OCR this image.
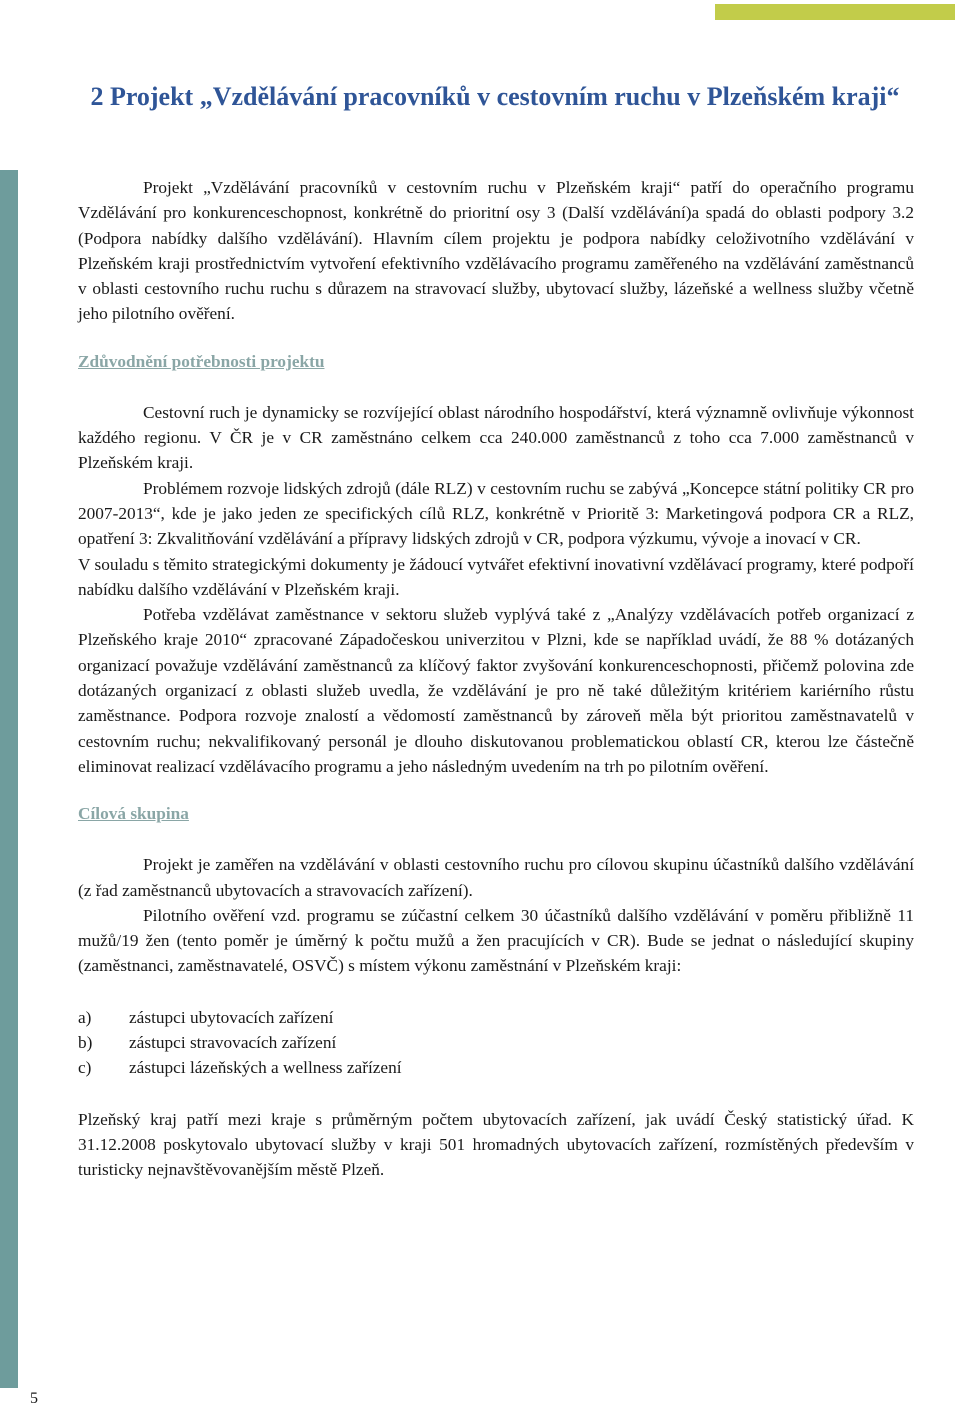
2 Projekt „Vzdělávání pracovníků v cestovním ruchu v Plzeňském kraji“

Projekt „Vzdělávání pracovníků v cestovním ruchu v Plzeňském kraji“ patří do operačního programu Vzdělávání pro konkurenceschopnost, konkrétně do prioritní osy 3 (Další vzdělávání)a spadá do oblasti podpory 3.2 (Podpora nabídky dalšího vzdělávání). Hlavním cílem projektu je podpora nabídky celoživotního vzdělávání v Plzeňském kraji prostřednictvím vytvoření efektivního vzdělávacího programu zaměřeného na vzdělávání zaměstnanců v oblasti cestovního ruchu ruchu s důrazem na stravovací služby, ubytovací služby, lázeňské a wellness služby včetně jeho pilotního ověření.

Zdůvodnění potřebnosti projektu

Cestovní ruch je dynamicky se rozvíjející oblast národního hospodářství, která významně ovlivňuje výkonnost každého regionu. V ČR je v CR zaměstnáno celkem cca 240.000 zaměstnanců z toho cca 7.000 zaměstnanců v Plzeňském kraji.

Problémem rozvoje lidských zdrojů (dále RLZ) v cestovním ruchu se zabývá „Koncepce státní politiky CR pro 2007-2013“, kde je jako jeden ze specifických cílů RLZ, konkrétně v Prioritě 3: Marketingová podpora CR a RLZ, opatření 3: Zkvalitňování vzdělávání a přípravy lidských zdrojů v CR, podpora výzkumu, vývoje a inovací v CR.

V souladu s těmito strategickými dokumenty je žádoucí vytvářet efektivní inovativní vzdělávací programy, které podpoří nabídku dalšího vzdělávání v Plzeňském kraji.

Potřeba vzdělávat zaměstnance v sektoru služeb vyplývá také z „Analýzy vzdělávacích potřeb organizací z Plzeňského kraje 2010“ zpracované Západočeskou univerzitou v Plzni, kde se například uvádí, že 88 % dotázaných organizací považuje vzdělávání zaměstnanců za klíčový faktor zvyšování konkurenceschopnosti, přičemž polovina zde dotázaných organizací z oblasti služeb uvedla, že vzdělávání je pro ně také důležitým kritériem kariérního růstu zaměstnance. Podpora rozvoje znalostí a vědomostí zaměstnanců by zároveň měla být prioritou zaměstnavatelů v cestovním ruchu; nekvalifikovaný personál je dlouho diskutovanou problematickou oblastí CR, kterou lze částečně eliminovat realizací vzdělávacího programu a jeho následným uvedením na trh po pilotním ověření.

Cílová skupina

Projekt je zaměřen na vzdělávání v oblasti cestovního ruchu pro cílovou skupinu účastníků dalšího vzdělávání (z řad zaměstnanců ubytovacích a stravovacích zařízení).

Pilotního ověření vzd. programu se zúčastní celkem 30 účastníků dalšího vzdělávání v poměru přibližně 11 mužů/19 žen (tento poměr je úměrný k počtu mužů a žen pracujících v CR). Bude se jednat o následující skupiny (zaměstnanci, zaměstnavatelé, OSVČ) s místem výkonu zaměstnání v Plzeňském kraji:

a)	zástupci ubytovacích zařízení
b)	zástupci stravovacích zařízení
c)	zástupci lázeňských a wellness zařízení

Plzeňský kraj patří mezi kraje s průměrným počtem ubytovacích zařízení, jak uvádí Český statistický úřad. K 31.12.2008 poskytovalo ubytovací služby v kraji 501 hromadných ubytovacích zařízení, rozmístěných především v turisticky nejnavštěvovanějším městě Plzeň.

5
